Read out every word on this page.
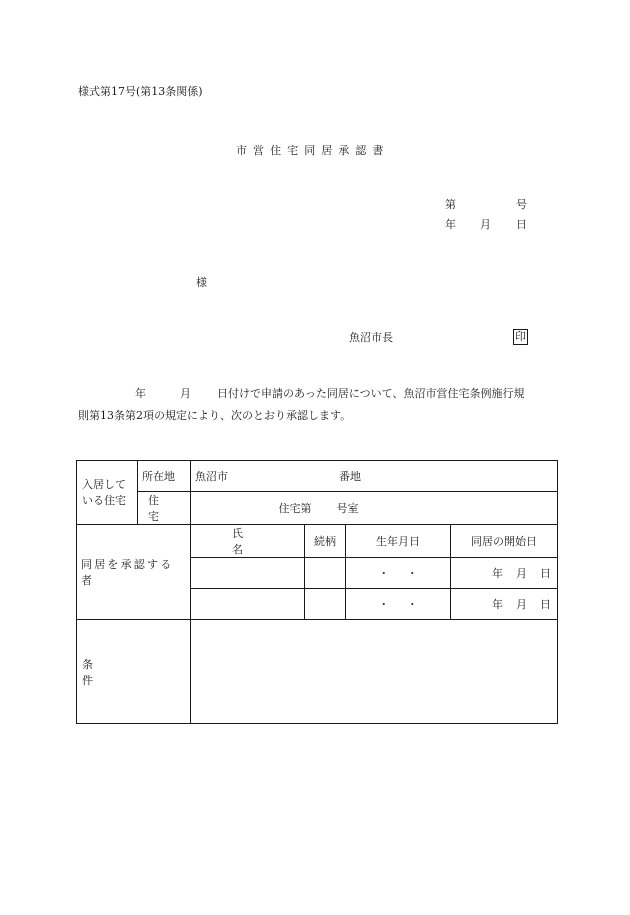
様式第17号(第13条関係)
市営住宅同居承認書
第	号
年 月 日
様
魚沼市長	印
年	月 日付けで申請のあった同居について、魚沼市営住宅条例施行規
則第13条第2項の規定により、次のとおり承認します。
入居している住宅	所在地	魚沼市 番地			
	住宅	住宅第 号室			
同居を承認する者		氏名	続柄	生年月日	同居の開始日
				・ ・	年 月 日
				・ ・	年 月 日
条件					
